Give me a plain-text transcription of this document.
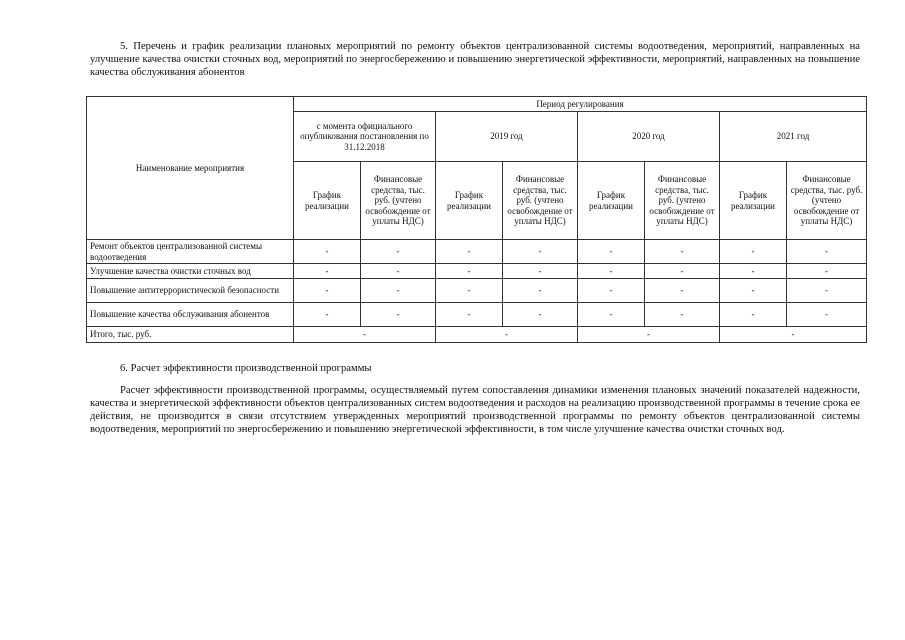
5. Перечень и график реализации плановых мероприятий по ремонту объектов централизованной системы водоотведения, мероприятий, направленных на улучшение качества очистки сточных вод, мероприятий по энергосбережению и повышению энергетической эффективности, мероприятий, направленных на повышение качества обслуживания абонентов
Наименование мероприятия	Период регулирования							
	с момента официального опубликования постановления по 31.12.2018		2019 год		2020 год		2021 год	
	График реализации	Финансовые средства, тыс. руб. (учтено освобождение от уплаты НДС)	График реализации	Финансовые средства, тыс. руб. (учтено освобождение от уплаты НДС)	График реализации	Финансовые средства, тыс. руб. (учтено освобождение от уплаты НДС)	График реализации	Финансовые средства, тыс. руб. (учтено освобождение от уплаты НДС)
Ремонт объектов централизованной системы водоотведения	-	-	-	-	-	-	-	-
Улучшение качества очистки сточных вод	-	-	-	-	-	-	-	-
Повышение антитеррористической безопасности	-	-	-	-	-	-	-	-
Повышение качества обслуживания абонентов	-	-	-	-	-	-	-	-
Итого, тыс. руб.	-		-		-		-	
6. Расчет эффективности производственной программы
Расчет эффективности производственной программы, осуществляемый путем сопоставления динамики изменения плановых значений показателей надежности, качества и энергетической эффективности объектов централизованных систем водоотведения и расходов на реализацию производственной программы в течение срока ее действия, не производится в связи отсутствием утвержденных мероприятий производственной программы по ремонту объектов централизованной системы водоотведения, мероприятий по энергосбережению и повышению энергетической эффективности, в том числе улучшение качества очистки сточных вод.
